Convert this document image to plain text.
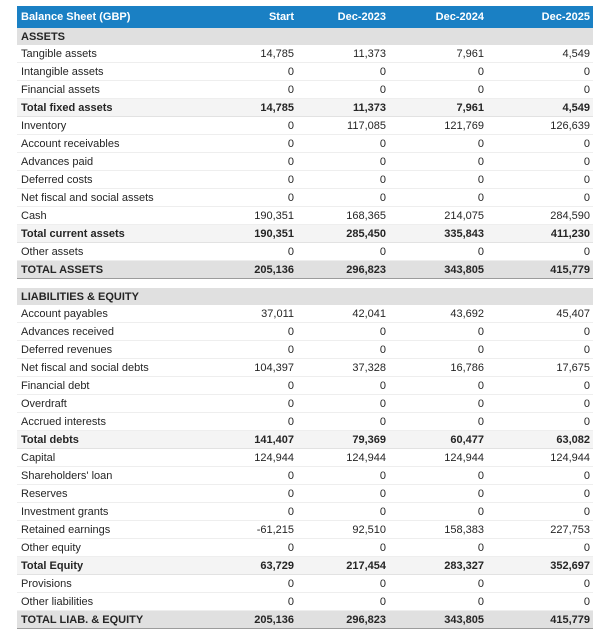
Balance Sheet (GBP)	Start	Dec-2023	Dec-2024	Dec-2025
ASSETS				
Tangible assets	14,785	11,373	7,961	4,549
Intangible assets	0	0	0	0
Financial assets	0	0	0	0
Total fixed assets	14,785	11,373	7,961	4,549
Inventory	0	117,085	121,769	126,639
Account receivables	0	0	0	0
Advances paid	0	0	0	0
Deferred costs	0	0	0	0
Net fiscal and social assets	0	0	0	0
Cash	190,351	168,365	214,075	284,590
Total current assets	190,351	285,450	335,843	411,230
Other assets	0	0	0	0
TOTAL ASSETS	205,136	296,823	343,805	415,779

LIABILITIES & EQUITY				
Account payables	37,011	42,041	43,692	45,407
Advances received	0	0	0	0
Deferred revenues	0	0	0	0
Net fiscal and social debts	104,397	37,328	16,786	17,675
Financial debt	0	0	0	0
Overdraft	0	0	0	0
Accrued interests	0	0	0	0
Total debts	141,407	79,369	60,477	63,082
Capital	124,944	124,944	124,944	124,944
Shareholders' loan	0	0	0	0
Reserves	0	0	0	0
Investment grants	0	0	0	0
Retained earnings	-61,215	92,510	158,383	227,753
Other equity	0	0	0	0
Total Equity	63,729	217,454	283,327	352,697
Provisions	0	0	0	0
Other liabilities	0	0	0	0
TOTAL LIAB. & EQUITY	205,136	296,823	343,805	415,779
